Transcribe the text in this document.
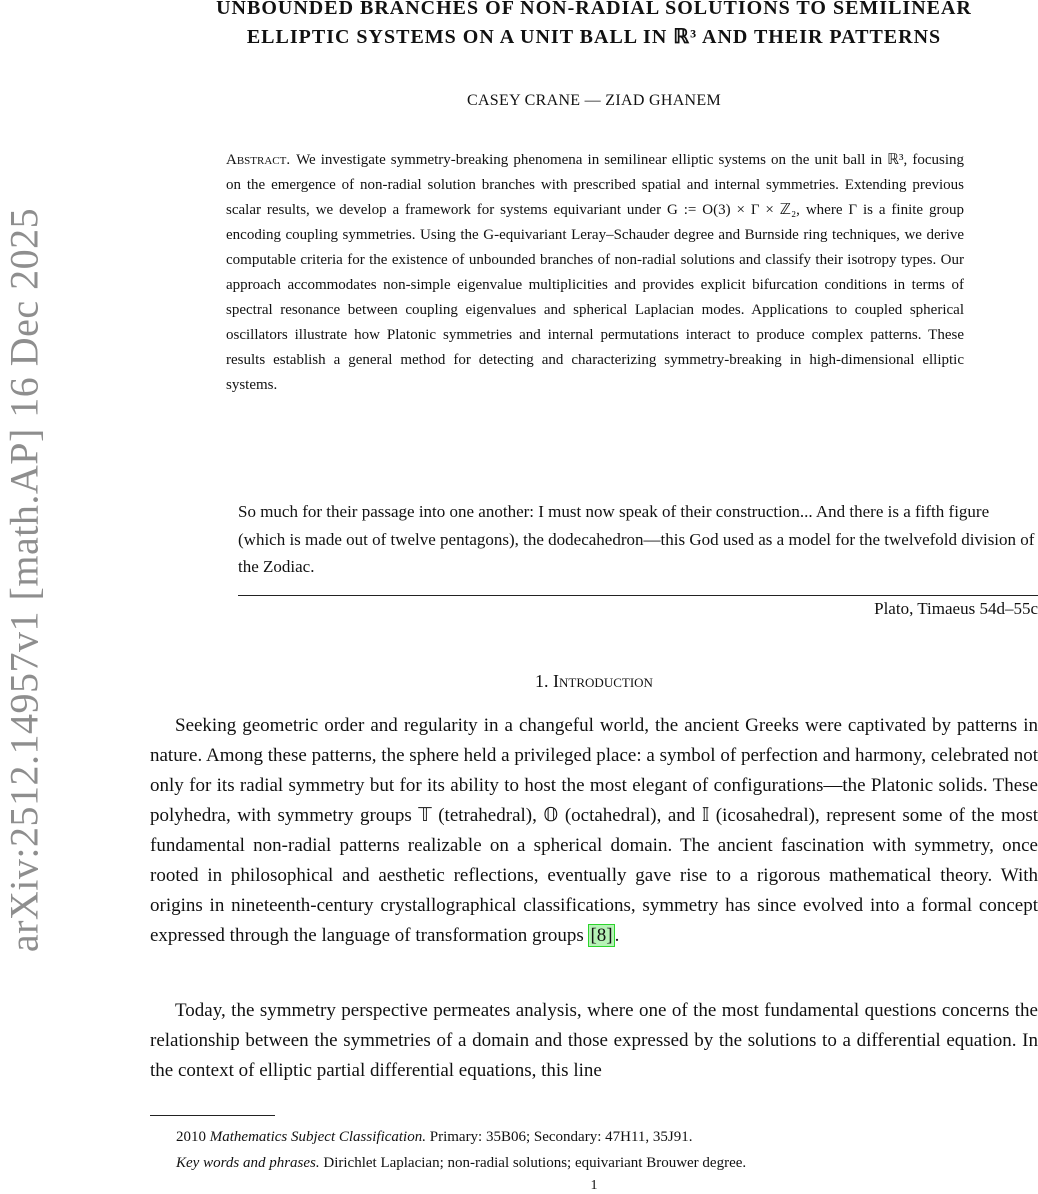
arXiv:2512.14957v1 [math.AP] 16 Dec 2025
UNBOUNDED BRANCHES OF NON-RADIAL SOLUTIONS TO SEMILINEAR
ELLIPTIC SYSTEMS ON A UNIT BALL IN ℝ³ AND THEIR PATTERNS
CASEY CRANE — ZIAD GHANEM
Abstract. We investigate symmetry-breaking phenomena in semilinear elliptic systems on the unit ball in ℝ³, focusing on the emergence of non-radial solution branches with prescribed spatial and internal symmetries. Extending previous scalar results, we develop a framework for systems equivariant under G := O(3) × Γ × ℤ₂, where Γ is a finite group encoding coupling symmetries. Using the G-equivariant Leray–Schauder degree and Burnside ring techniques, we derive computable criteria for the existence of unbounded branches of non-radial solutions and classify their isotropy types. Our approach accommodates non-simple eigenvalue multiplicities and provides explicit bifurcation conditions in terms of spectral resonance between coupling eigenvalues and spherical Laplacian modes. Applications to coupled spherical oscillators illustrate how Platonic symmetries and internal permutations interact to produce complex patterns. These results establish a general method for detecting and characterizing symmetry-breaking in high-dimensional elliptic systems.
So much for their passage into one another: I must now speak of their construction... And there is a fifth figure (which is made out of twelve pentagons), the dodecahedron—this God used as a model for the twelvefold division of the Zodiac.
Plato, Timaeus 54d–55c
1. Introduction

Seeking geometric order and regularity in a changeful world, the ancient Greeks were captivated by patterns in nature. Among these patterns, the sphere held a privileged place: a symbol of perfection and harmony, celebrated not only for its radial symmetry but for its ability to host the most elegant of configurations—the Platonic solids. These polyhedra, with symmetry groups 𝕋 (tetrahedral), 𝕆 (octahedral), and 𝕀 (icosahedral), represent some of the most fundamental non-radial patterns realizable on a spherical domain. The ancient fascination with symmetry, once rooted in philosophical and aesthetic reflections, eventually gave rise to a rigorous mathematical theory. With origins in nineteenth-century crystallographical classifications, symmetry has since evolved into a formal concept expressed through the language of transformation groups [8] .

Today, the symmetry perspective permeates analysis, where one of the most fundamental questions concerns the relationship between the symmetries of a domain and those expressed by the solutions to a differential equation. In the context of elliptic partial differential equations, this line

2010 Mathematics Subject Classification. Primary: 35B06; Secondary: 47H11, 35J91.
Key words and phrases. Dirichlet Laplacian; non-radial solutions; equivariant Brouwer degree.
1
